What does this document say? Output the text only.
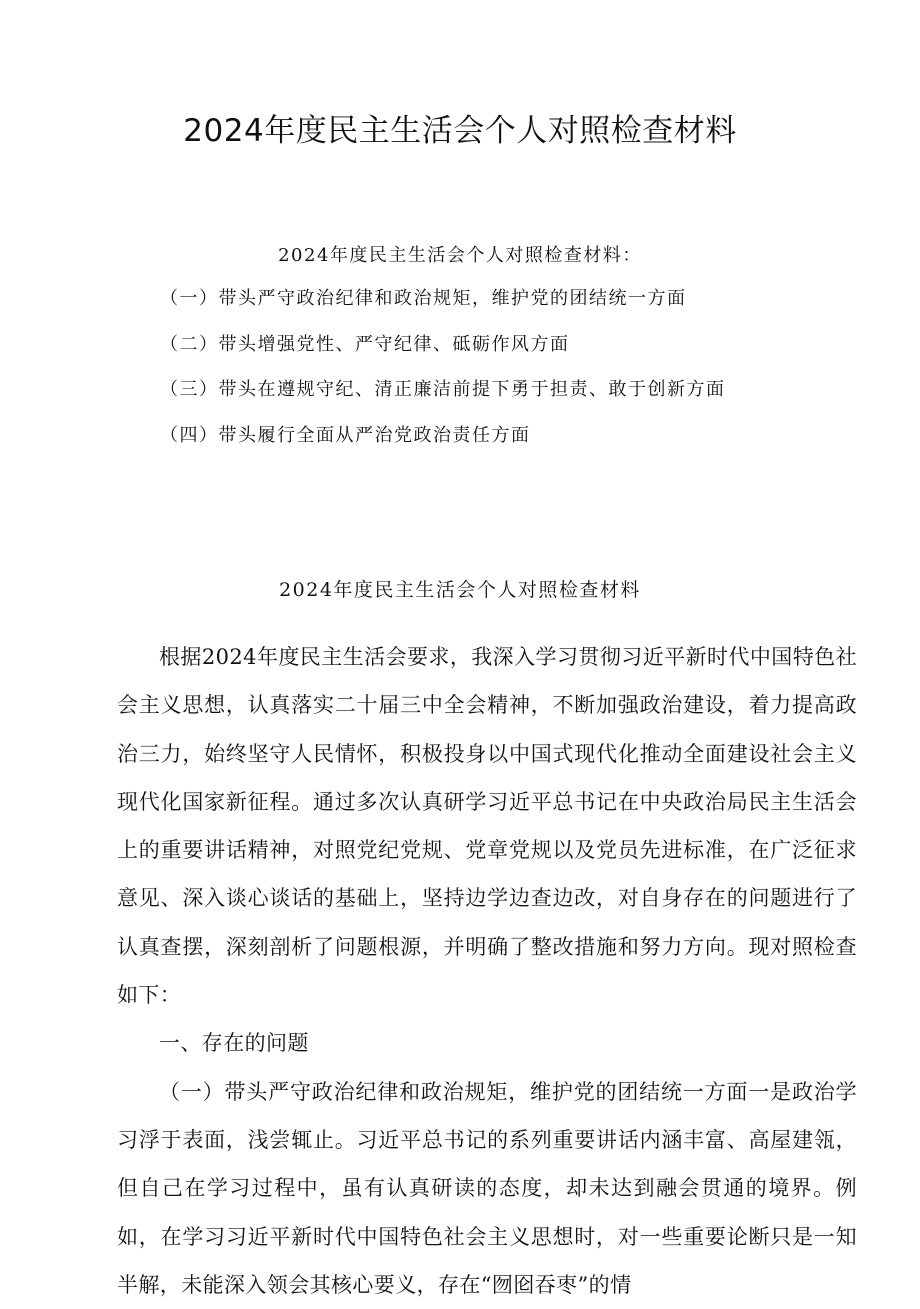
2024年度民主生活会个人对照检查材料
2024年度民主生活会个人对照检查材料：
（一）带头严守政治纪律和政治规矩，维护党的团结统一方面
（二）带头增强党性、严守纪律、砥砺作风方面
（三）带头在遵规守纪、清正廉洁前提下勇于担责、敢于创新方面
（四）带头履行全面从严治党政治责任方面
2024年度民主生活会个人对照检查材料

根据2024年度民主生活会要求，我深入学习贯彻习近平新时代中国特色社会主义思想，认真落实二十届三中全会精神，不断加强政治建设，着力提高政治三力，始终坚守人民情怀，积极投身以中国式现代化推动全面建设社会主义现代化国家新征程。通过多次认真研学习近平总书记在中央政治局民主生活会上的重要讲话精神，对照党纪党规、党章党规以及党员先进标准，在广泛征求意见、深入谈心谈话的基础上，坚持边学边查边改，对自身存在的问题进行了认真查摆，深刻剖析了问题根源，并明确了整改措施和努力方向。现对照检查如下：

一、存在的问题

（一）带头严守政治纪律和政治规矩，维护党的团结统一方面一是政治学习浮于表面，浅尝辄止。习近平总书记的系列重要讲话内涵丰富、高屋建瓴，但自己在学习过程中，虽有认真研读的态度，却未达到融会贯通的境界。例如，在学习习近平新时代中国特色社会主义思想时，对一些重要论断只是一知半解，未能深入领会其核心要义，存在“囫囵吞枣”的情
